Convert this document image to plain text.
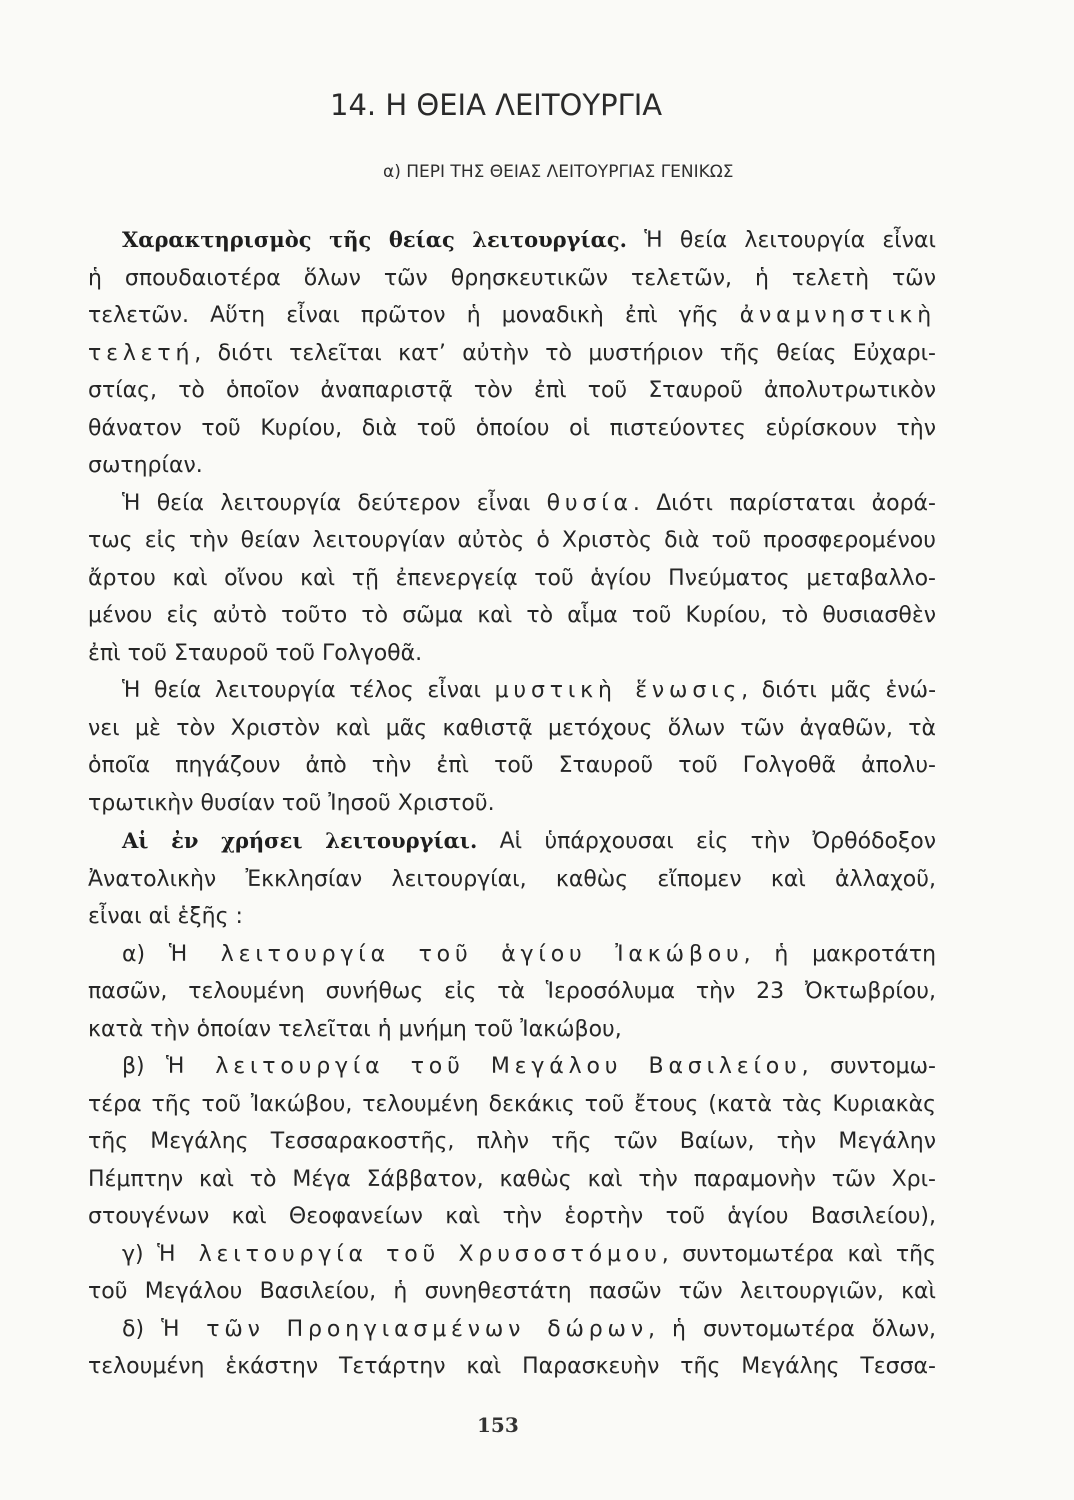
14. Η ΘΕΙΑ ΛΕΙΤΟΥΡΓΙΑ
α) ΠΕΡΙ ΤΗΣ ΘΕΙΑΣ ΛΕΙΤΟΥΡΓΙΑΣ ΓΕΝΙΚΩΣ
Χαρακτηρισμὸς τῆς θείας λειτουργίας. Ἡ θεία λειτουργία εἶναι
ἡ σπουδαιοτέρα ὅλων τῶν θρησκευτικῶν τελετῶν, ἡ τελετὴ τῶν
τελετῶν. Αὕτη εἶναι πρῶτον ἡ μοναδικὴ ἐπὶ γῆς ἀναμνηστικὴ
τελετή, διότι τελεῖται κατ’ αὐτὴν τὸ μυστήριον τῆς θείας Εὐχαρι-
στίας, τὸ ὁποῖον ἀναπαριστᾷ τὸν ἐπὶ τοῦ Σταυροῦ ἀπολυτρωτικὸν
θάνατον τοῦ Κυρίου, διὰ τοῦ ὁποίου οἱ πιστεύοντες εὑρίσκουν τὴν
σωτηρίαν.
Ἡ θεία λειτουργία δεύτερον εἶναι θυσία. Διότι παρίσταται ἀορά-
τως εἰς τὴν θείαν λειτουργίαν αὐτὸς ὁ Χριστὸς διὰ τοῦ προσφερομένου
ἄρτου καὶ οἴνου καὶ τῇ ἐπενεργείᾳ τοῦ ἁγίου Πνεύματος μεταβαλλο-
μένου εἰς αὐτὸ τοῦτο τὸ σῶμα καὶ τὸ αἷμα τοῦ Κυρίου, τὸ θυσιασθὲν
ἐπὶ τοῦ Σταυροῦ τοῦ Γολγοθᾶ.
Ἡ θεία λειτουργία τέλος εἶναι μυστικὴ ἕνωσις, διότι μᾶς ἑνώ-
νει μὲ τὸν Χριστὸν καὶ μᾶς καθιστᾷ μετόχους ὅλων τῶν ἀγαθῶν, τὰ
ὁποῖα πηγάζουν ἀπὸ τὴν ἐπὶ τοῦ Σταυροῦ τοῦ Γολγοθᾶ ἀπολυ-
τρωτικὴν θυσίαν τοῦ Ἰησοῦ Χριστοῦ.
Αἱ ἐν χρήσει λειτουργίαι. Αἱ ὑπάρχουσαι εἰς τὴν Ὀρθόδοξον
Ἀνατολικὴν Ἐκκλησίαν λειτουργίαι, καθὼς εἴπομεν καὶ ἀλλαχοῦ,
εἶναι αἱ ἑξῆς :
α) Ἡ λειτουργία τοῦ ἁγίου Ἰακώβου, ἡ μακροτάτη
πασῶν, τελουμένη συνήθως εἰς τὰ Ἱεροσόλυμα τὴν 23 Ὀκτωβρίου,
κατὰ τὴν ὁποίαν τελεῖται ἡ μνήμη τοῦ Ἰακώβου,
β) Ἡ λειτουργία τοῦ Μεγάλου Βασιλείου, συντομω-
τέρα τῆς τοῦ Ἰακώβου, τελουμένη δεκάκις τοῦ ἔτους (κατὰ τὰς Κυριακὰς
τῆς Μεγάλης Τεσσαρακοστῆς, πλὴν τῆς τῶν Βαίων, τὴν Μεγάλην
Πέμπτην καὶ τὸ Μέγα Σάββατον, καθὼς καὶ τὴν παραμονὴν τῶν Χρι-
στουγένων καὶ Θεοφανείων καὶ τὴν ἑορτὴν τοῦ ἁγίου Βασιλείου),
γ) Ἡ λειτουργία τοῦ Χρυσοστόμου, συντομωτέρα καὶ τῆς
τοῦ Μεγάλου Βασιλείου, ἡ συνηθεστάτη πασῶν τῶν λειτουργιῶν, καὶ
δ) Ἡ τῶν Προηγιασμένων δώρων, ἡ συντομωτέρα ὅλων,
τελουμένη ἑκάστην Τετάρτην καὶ Παρασκευὴν τῆς Μεγάλης Τεσσα-
153
